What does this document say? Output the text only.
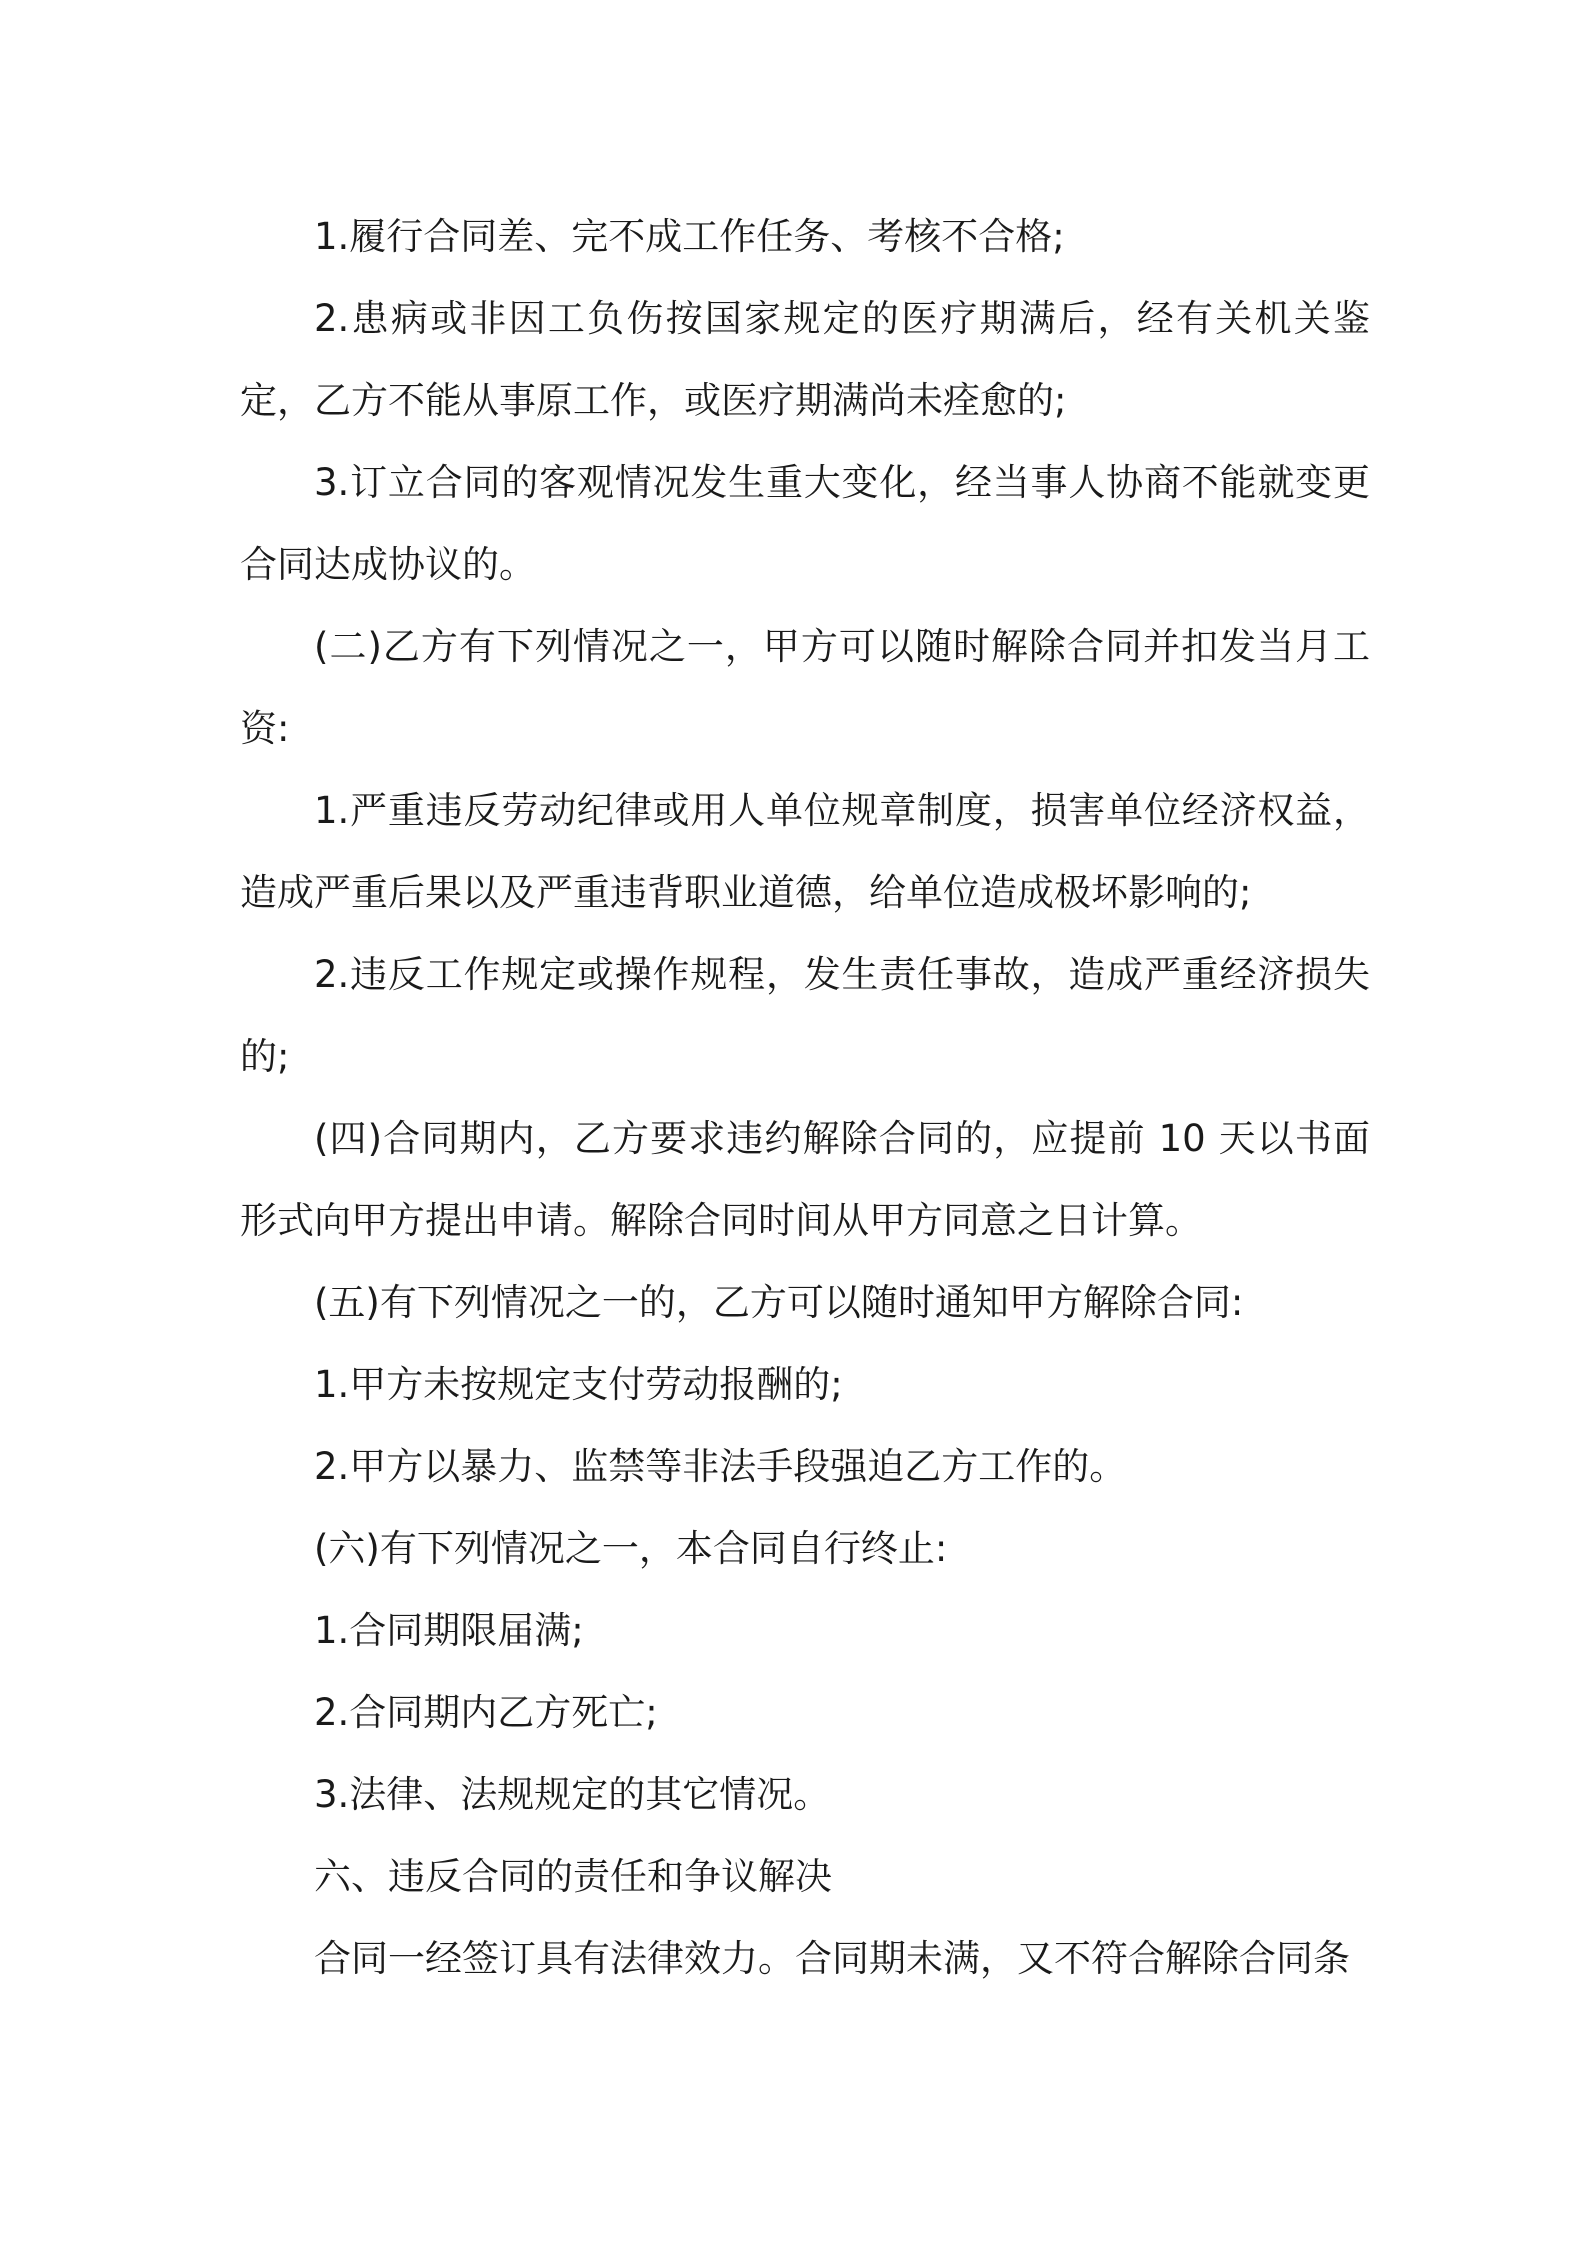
1.履行合同差、完不成工作任务、考核不合格;

2.患病或非因工负伤按国家规定的医疗期满后，经有关机关鉴定，乙方不能从事原工作，或医疗期满尚未痊愈的;

3.订立合同的客观情况发生重大变化，经当事人协商不能就变更合同达成协议的。

(二)乙方有下列情况之一，甲方可以随时解除合同并扣发当月工资:

1.严重违反劳动纪律或用人单位规章制度，损害单位经济权益，造成严重后果以及严重违背职业道德，给单位造成极坏影响的;

2.违反工作规定或操作规程，发生责任事故，造成严重经济损失的;

(四)合同期内，乙方要求违约解除合同的，应提前 10 天以书面形式向甲方提出申请。解除合同时间从甲方同意之日计算。

(五)有下列情况之一的，乙方可以随时通知甲方解除合同:

1.甲方未按规定支付劳动报酬的;

2.甲方以暴力、监禁等非法手段强迫乙方工作的。

(六)有下列情况之一，本合同自行终止:

1.合同期限届满;

2.合同期内乙方死亡;

3.法律、法规规定的其它情况。

六、违反合同的责任和争议解决

合同一经签订具有法律效力。合同期未满，又不符合解除合同条
